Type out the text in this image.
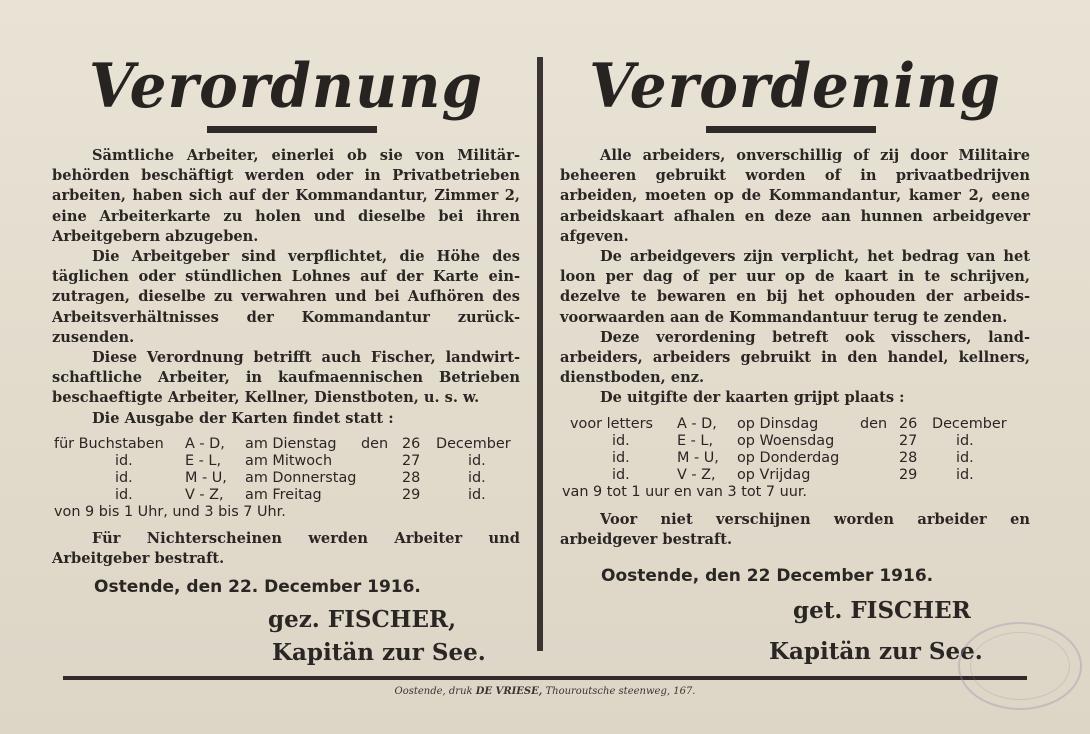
Verordnung

Sämtliche Arbeiter, einerlei ob sie von Militärbehörden beschäftigt werden oder in Privatbetrieben arbeiten, haben sich auf der Kommandantur, Zimmer 2, eine Arbeiterkarte zu holen und dieselbe bei ihren Arbeitgebern abzugeben.

Die Arbeitgeber sind verpflichtet, die Höhe des täglichen oder stündlichen Lohnes auf der Karte einzutragen, dieselbe zu verwahren und bei Aufhören des Arbeitsverhältnisses der Kommandantur zurückzusenden.

Diese Verordnung betrifft auch Fischer, landwirtschaftliche Arbeiter, in kaufmaennischen Betrieben beschaeftigte Arbeiter, Kellner, Dienstboten, u. s. w.

Die Ausgabe der Karten findet statt :

für Buchstaben A - D, am Dienstag den 26 December
id.	E - L, am Mitwoch	27	id.
id.	M - U, am Donnerstag	28	id.
id.	V - Z, am Freitag	29	id.
von 9 bis 1 Uhr, und 3 bis 7 Uhr.

Für Nichterscheinen werden Arbeiter und Arbeitgeber bestraft.

Ostende, den 22. December 1916.
gez. FISCHER,
Kapitän zur See.
Verordening

Alle arbeiders, onverschillig of zij door Militaire beheeren gebruikt worden of in privaatbedrijven arbeiden, moeten op de Kommandantur, kamer 2, eene arbeidskaart afhalen en deze aan hunnen arbeidgever afgeven.

De arbeidgevers zijn verplicht, het bedrag van het loon per dag of per uur op de kaart in te schrijven, dezelve te bewaren en bij het ophouden der arbeidsvoorwaarden aan de Kommandantuur terug te zenden.

Deze verordening betreft ook visschers, landarbeiders, arbeiders gebruikt in den handel, kellners, dienstboden, enz.

De uitgifte der kaarten grijpt plaats :

voor letters A - D, op Dinsdag	den 26 December
id.	E - L, op Woensdag	27	id.
id.	M - U, op Donderdag	28	id.
id.	V - Z, op Vrijdag	29	id.
van 9 tot 1 uur en van 3 tot 7 uur.

Voor niet verschijnen worden arbeider en arbeidgever bestraft.

Oostende, den 22 December 1916.
get. FISCHER
Kapitän zur See.
Oostende, druk DE VRIESE, Thouroutsche steenweg, 167.
